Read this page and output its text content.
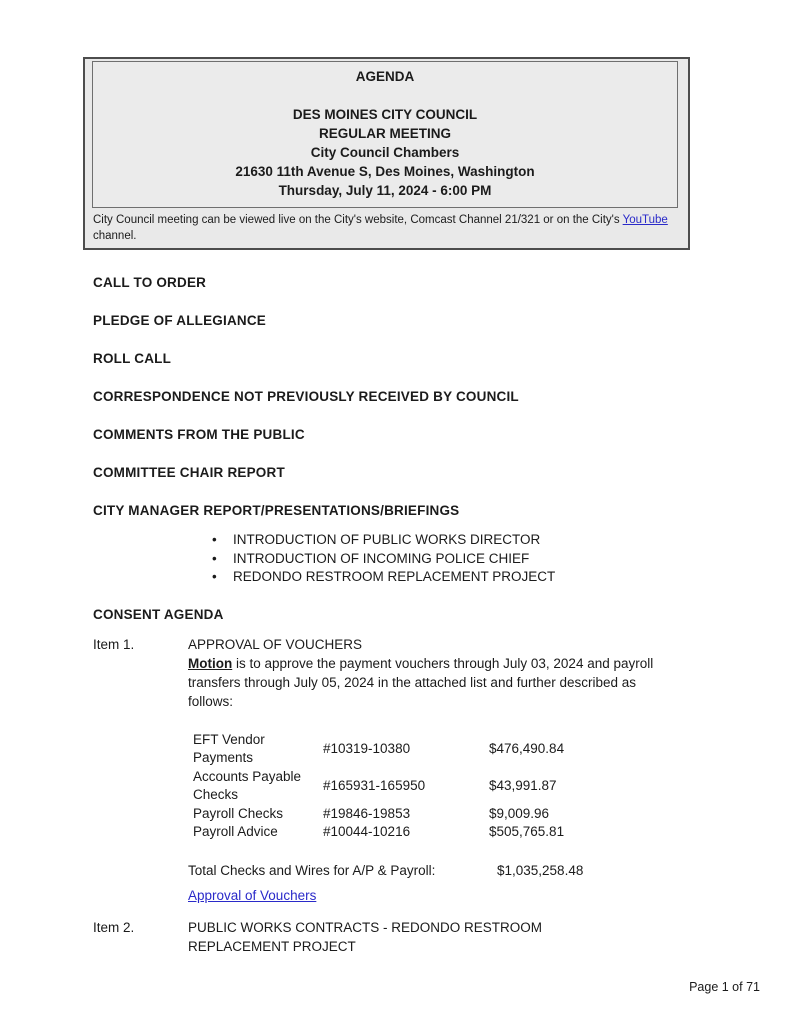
AGENDA
DES MOINES CITY COUNCIL
REGULAR MEETING
City Council Chambers
21630 11th Avenue S, Des Moines, Washington
Thursday, July 11, 2024 - 6:00 PM
City Council meeting can be viewed live on the City's website, Comcast Channel 21/321 or on the City's YouTube channel.
CALL TO ORDER
PLEDGE OF ALLEGIANCE
ROLL CALL
CORRESPONDENCE NOT PREVIOUSLY RECEIVED BY COUNCIL
COMMENTS FROM THE PUBLIC
COMMITTEE CHAIR REPORT
CITY MANAGER REPORT/PRESENTATIONS/BRIEFINGS
•	INTRODUCTION OF PUBLIC WORKS DIRECTOR
•	INTRODUCTION OF INCOMING POLICE CHIEF
•	REDONDO RESTROOM REPLACEMENT PROJECT
CONSENT AGENDA
Item 1.	APPROVAL OF VOUCHERS
Motion is to approve the payment vouchers through July 03, 2024 and payroll transfers through July 05, 2024 in the attached list and further described as follows:
EFT Vendor Payments	#10319-10380	$476,490.84
Accounts Payable Checks	#165931-165950	$43,991.87
Payroll Checks	#19846-19853	$9,009.96
Payroll Advice	#10044-10216	$505,765.81
Total Checks and Wires for A/P & Payroll:	$1,035,258.48
Approval of Vouchers
Item 2.	PUBLIC WORKS CONTRACTS - REDONDO RESTROOM REPLACEMENT PROJECT
Page 1 of 71
